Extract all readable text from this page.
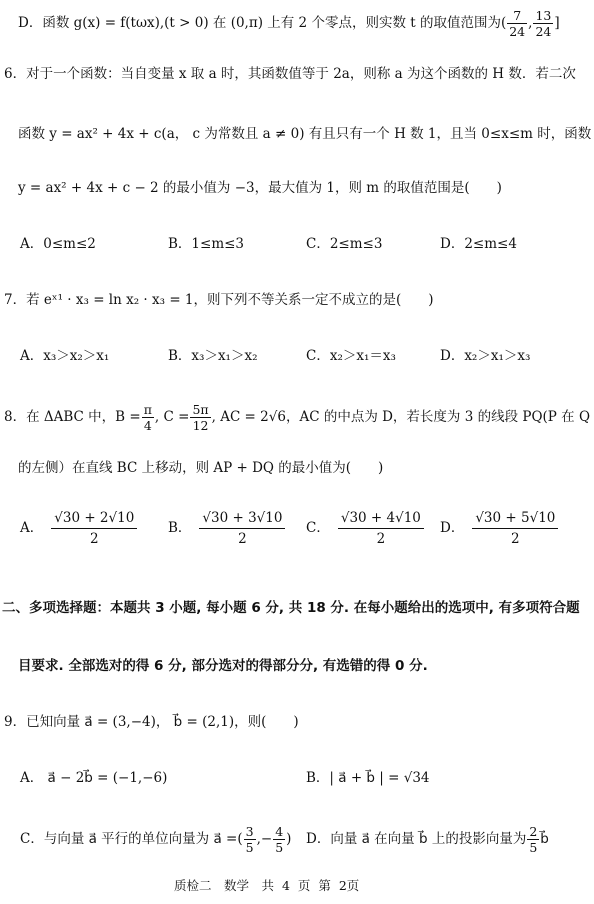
D．函数 g(x) = f(tωx),(t > 0) 在 (0,π) 上有 2 个零点，则实数 t 的取值范围为( $\frac{7}{24}$ , $\frac{13}{24}$ ]
6．对于一个函数：当自变量 x 取 a 时，其函数值等于 2a，则称 a 为这个函数的 H 数．若二次
函数 y = ax² + 4x + c(a， c 为常数且 a ≠ 0) 有且只有一个 H 数 1，且当 0≤x≤m 时，函数
y = ax² + 4x + c − 2 的最小值为 −3，最大值为 1，则 m 的取值范围是(　　)
A．0≤m≤2	B．1≤m≤3	C．2≤m≤3	D．2≤m≤4
7．若 eˣ¹ · x₃ = ln x₂ · x₃ = 1，则下列不等关系一定不成立的是(　　)
A．x₃＞x₂＞x₁	B．x₃＞x₁＞x₂	C．x₂＞x₁＝x₃	D．x₂＞x₁＞x₃
8．在 ΔABC 中，$B = \frac{\pi}{4}$ , $C = \frac{5\pi}{12}$ , AC = 2√6，AC 的中点为 D，若长度为 3 的线段 PQ(P 在 Q
的左侧）在直线 BC 上移动，则 AP + DQ 的最小值为(　　)
A． $\frac{√30 + 2√10}{2}$ B． $\frac{√30 + 3√10}{2}$ C． $\frac{√30 + 4√10}{2}$ D． $\frac{√30 + 5√10}{2}$
二、多项选择题：本题共 3 小题, 每小题 6 分, 共 18 分. 在每小题给出的选项中, 有多项符合题
目要求. 全部选对的得 6 分, 部分选对的得部分分, 有选错的得 0 分.
9．已知向量 a⃗ = (3,−4)， b⃗ = (2,1)，则(　　)
A． a⃗ − 2b⃗ = (−1,−6)	B．| a⃗ + b⃗ | = √34
C．与向量 a⃗ 平行的单位向量为 a⃗ =( $\frac{3}{5}$ ,− $\frac{4}{5}$ ) D．向量 a⃗ 在向量 b⃗ 上的投影向量为 $\frac{2}{5}$ b⃗
质检二　数学　共 4 页 第 2页
